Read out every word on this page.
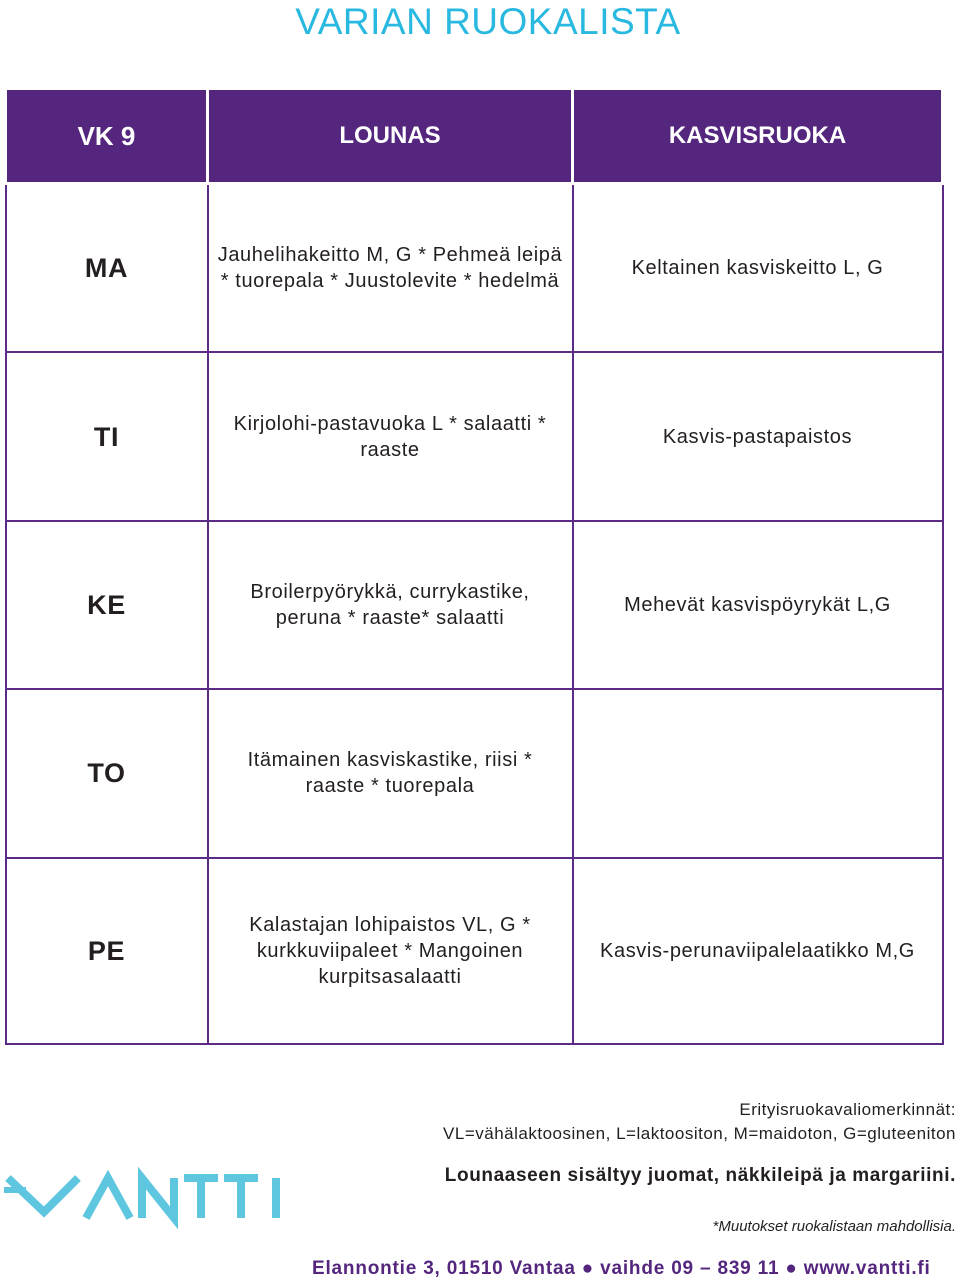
VARIAN RUOKALISTA
VK 9	LOUNAS	KASVISRUOKA
MA	Jauhelihakeitto M, G * Pehmeä leipä * tuorepala * Juustolevite * hedelmä	Keltainen kasviskeitto L, G
TI	Kirjolohi-pastavuoka L * salaatti * raaste	Kasvis-pastapaistos
KE	Broilerpyörykkä, currykastike, peruna * raaste* salaatti	Mehevät kasvispöyrykät L,G
TO	Itämainen kasviskastike, riisi * raaste * tuorepala	
PE	Kalastajan lohipaistos VL, G * kurkkuviipaleet * Mangoinen kurpitsasalaatti	Kasvis-perunaviipalelaatikko M,G
Erityisruokavaliomerkinnät:
VL=vähälaktoosinen, L=laktoositon, M=maidoton, G=gluteeniton
Lounaaseen sisältyy juomat, näkkileipä ja margariini.
*Muutokset ruokalistaan mahdollisia.
Elannontie 3, 01510 Vantaa ● vaihde 09 – 839 11 ● www.vantti.fi
